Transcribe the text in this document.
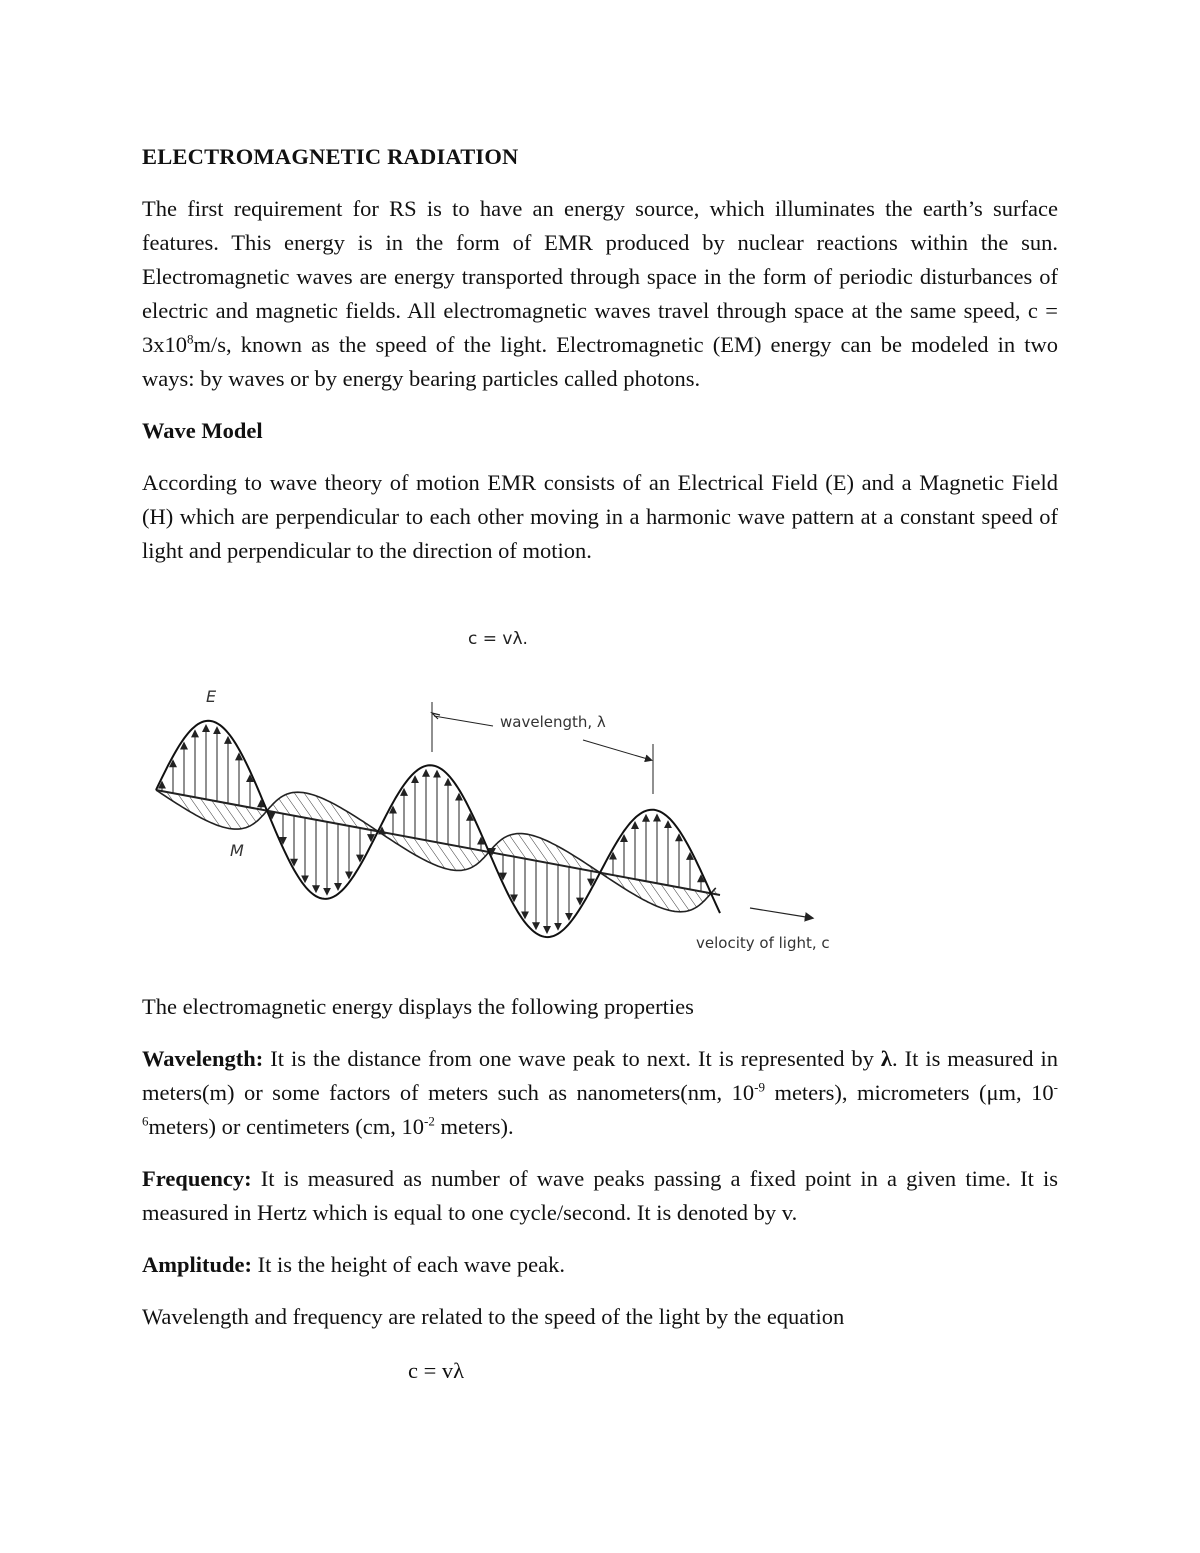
ELECTROMAGNETIC RADIATION

The first requirement for RS is to have an energy source, which illuminates the earth’s surface features. This energy is in the form of EMR produced by nuclear reactions within the sun. Electromagnetic waves are energy transported through space in the form of periodic disturbances of electric and magnetic fields. All electromagnetic waves travel through space at the same speed, $c = 3x10^8m/s$, known as the speed of the light. Electromagnetic (EM) energy can be modeled in two ways: by waves or by energy bearing particles called photons.

Wave Model

According to wave theory of motion EMR consists of an Electrical Field (E) and a Magnetic Field (H) which are perpendicular to each other moving in a harmonic wave pattern at a constant speed of light and perpendicular to the direction of motion.

c = vλ.
E
M
wavelength, λ
velocity of light, c

The electromagnetic energy displays the following properties

Wavelength: It is the distance from one wave peak to next. It is represented by λ. It is measured in meters(m) or some factors of meters such as nanometers(nm, $10^{-9}$ meters), micrometers (μm, $10^{-6}meters$) or centimeters (cm, $10^{-2}$ meters).

Frequency: It is measured as number of wave peaks passing a fixed point in a given time. It is measured in Hertz which is equal to one cycle/second. It is denoted by v.

Amplitude: It is the height of each wave peak.

Wavelength and frequency are related to the speed of the light by the equation

c = vλ
